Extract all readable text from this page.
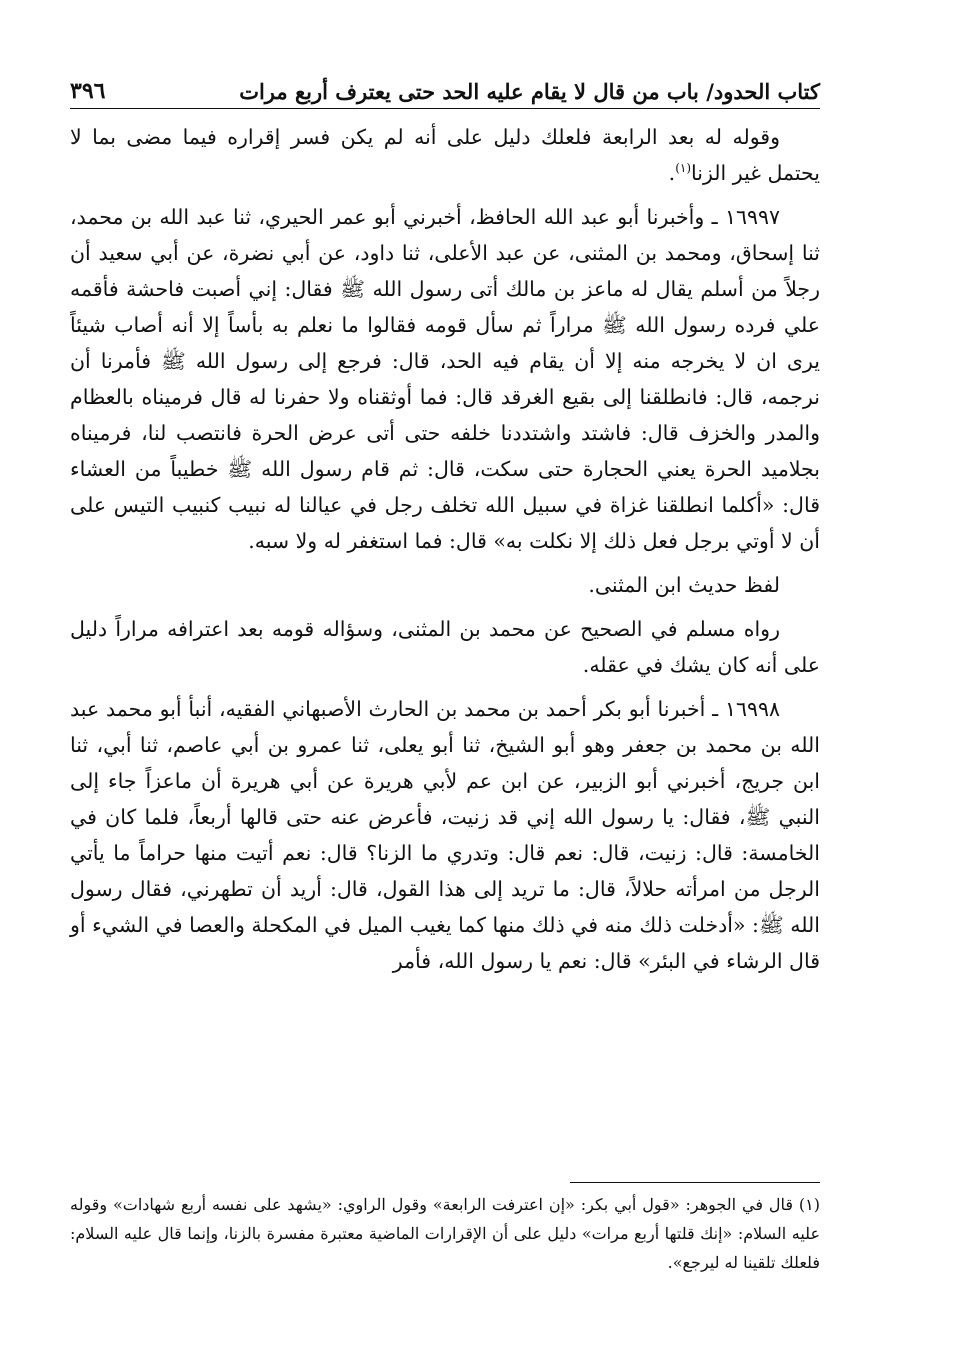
كتاب الحدود/ باب من قال لا يقام عليه الحد حتى يعترف أربع مرات
٣٩٦

وقوله له بعد الرابعة فلعلك دليل على أنه لم يكن فسر إقراره فيما مضى بما لا يحتمل غير الزنا$^{(١)}$.

١٦٩٩٧ ـ وأخبرنا أبو عبد الله الحافظ، أخبرني أبو عمر الحيري، ثنا عبد الله بن محمد، ثنا إسحاق، ومحمد بن المثنى، عن عبد الأعلى، ثنا داود، عن أبي نضرة، عن أبي سعيد أن رجلاً من أسلم يقال له ماعز بن مالك أتى رسول الله ﷺ فقال: إني أصبت فاحشة فأقمه علي فرده رسول الله ﷺ مراراً ثم سأل قومه فقالوا ما نعلم به بأساً إلا أنه أصاب شيئاً يرى ان لا يخرجه منه إلا أن يقام فيه الحد، قال: فرجع إلى رسول الله ﷺ فأمرنا أن نرجمه، قال: فانطلقنا إلى بقيع الغرقد قال: فما أوثقناه ولا حفرنا له قال فرميناه بالعظام والمدر والخزف قال: فاشتد واشتددنا خلفه حتى أتى عرض الحرة فانتصب لنا، فرميناه بجلاميد الحرة يعني الحجارة حتى سكت، قال: ثم قام رسول الله ﷺ خطيباً من العشاء قال: «أكلما انطلقنا غزاة في سبيل الله تخلف رجل في عيالنا له نبيب كنبيب التيس على أن لا أوتي برجل فعل ذلك إلا نكلت به» قال: فما استغفر له ولا سبه.

لفظ حديث ابن المثنى.

رواه مسلم في الصحيح عن محمد بن المثنى، وسؤاله قومه بعد اعترافه مراراً دليل على أنه كان يشك في عقله.

١٦٩٩٨ ـ أخبرنا أبو بكر أحمد بن محمد بن الحارث الأصبهاني الفقيه، أنبأ أبو محمد عبد الله بن محمد بن جعفر وهو أبو الشيخ، ثنا أبو يعلى، ثنا عمرو بن أبي عاصم، ثنا أبي، ثنا ابن جريج، أخبرني أبو الزبير، عن ابن عم لأبي هريرة عن أبي هريرة أن ماعزاً جاء إلى النبي ﷺ، فقال: يا رسول الله إني قد زنيت، فأعرض عنه حتى قالها أربعاً، فلما كان في الخامسة: قال: زنيت، قال: نعم قال: وتدري ما الزنا؟ قال: نعم أتيت منها حراماً ما يأتي الرجل من امرأته حلالاً، قال: ما تريد إلى هذا القول، قال: أريد أن تطهرني، فقال رسول الله ﷺ: «أدخلت ذلك منه في ذلك منها كما يغيب الميل في المكحلة والعصا في الشيء أو قال الرشاء في البئر» قال: نعم يا رسول الله، فأمر

(١) قال في الجوهر: «قول أبي بكر: «إن اعترفت الرابعة» وقول الراوي: «يشهد على نفسه أربع شهادات» وقوله عليه السلام: «إنك قلتها أربع مرات» دليل على أن الإقرارات الماضية معتبرة مفسرة بالزنا، وإنما قال عليه السلام: فلعلك تلقينا له ليرجع».
